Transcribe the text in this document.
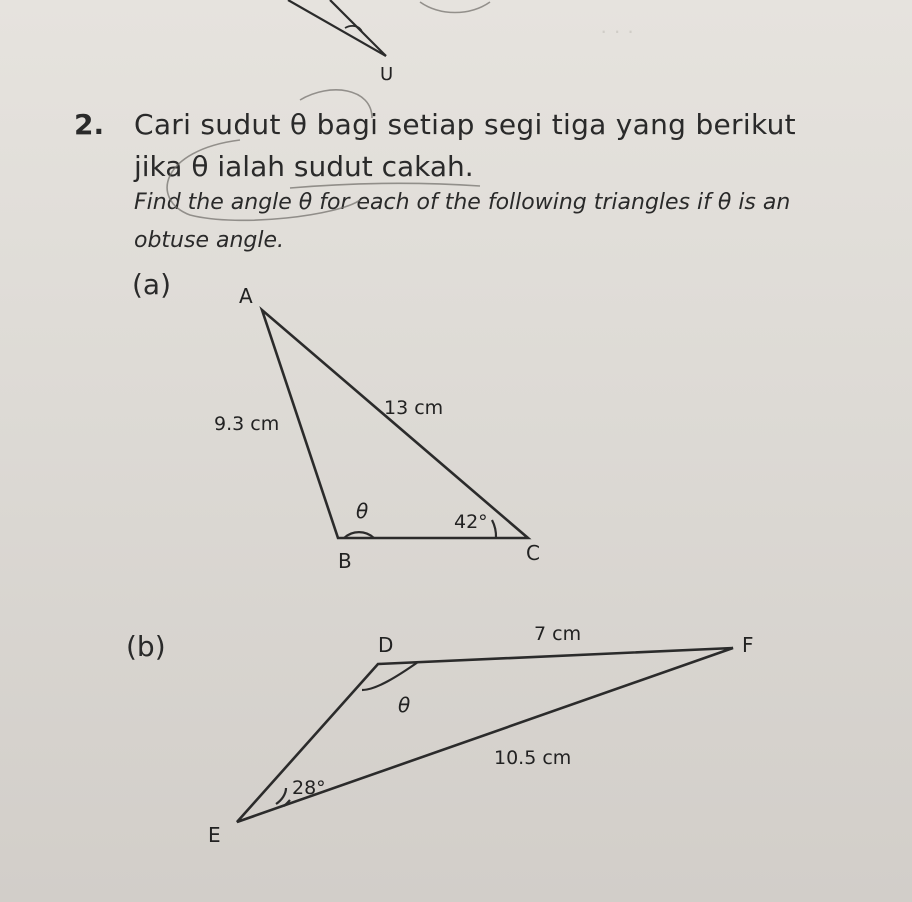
· · ·
2. Cari sudut θ bagi setiap segi tiga yang berikut
jika θ ialah sudut cakah.
Find the angle θ for each of the following triangles if θ is an
obtuse angle.
(a)
(b)
U
A
9.3 cm
13 cm
θ	42°
B	C
D	7 cm	F
θ
10.5 cm
28°
E
